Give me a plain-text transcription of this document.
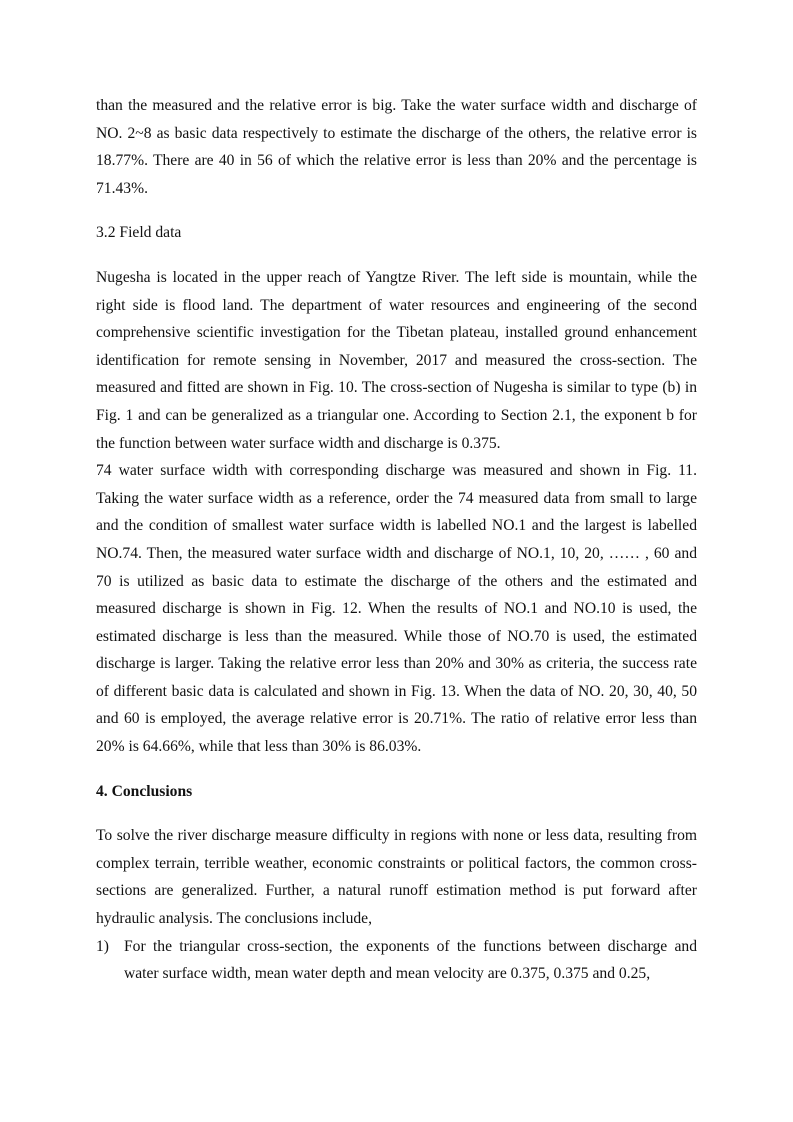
than the measured and the relative error is big. Take the water surface width and discharge of NO. 2~8 as basic data respectively to estimate the discharge of the others, the relative error is 18.77%. There are 40 in 56 of which the relative error is less than 20% and the percentage is 71.43%.

3.2 Field data

Nugesha is located in the upper reach of Yangtze River. The left side is mountain, while the right side is flood land. The department of water resources and engineering of the second comprehensive scientific investigation for the Tibetan plateau, installed ground enhancement identification for remote sensing in November, 2017 and measured the cross-section. The measured and fitted are shown in Fig. 10. The cross-section of Nugesha is similar to type (b) in Fig. 1 and can be generalized as a triangular one. According to Section 2.1, the exponent b for the function between water surface width and discharge is 0.375.

74 water surface width with corresponding discharge was measured and shown in Fig. 11. Taking the water surface width as a reference, order the 74 measured data from small to large and the condition of smallest water surface width is labelled NO.1 and the largest is labelled NO.74. Then, the measured water surface width and discharge of NO.1, 10, 20, …… , 60 and 70 is utilized as basic data to estimate the discharge of the others and the estimated and measured discharge is shown in Fig. 12. When the results of NO.1 and NO.10 is used, the estimated discharge is less than the measured. While those of NO.70 is used, the estimated discharge is larger. Taking the relative error less than 20% and 30% as criteria, the success rate of different basic data is calculated and shown in Fig. 13. When the data of NO. 20, 30, 40, 50 and 60 is employed, the average relative error is 20.71%. The ratio of relative error less than 20% is 64.66%, while that less than 30% is 86.03%.

4. Conclusions

To solve the river discharge measure difficulty in regions with none or less data, resulting from complex terrain, terrible weather, economic constraints or political factors, the common cross-sections are generalized. Further, a natural runoff estimation method is put forward after hydraulic analysis. The conclusions include,

1) For the triangular cross-section, the exponents of the functions between discharge and water surface width, mean water depth and mean velocity are 0.375, 0.375 and 0.25,
